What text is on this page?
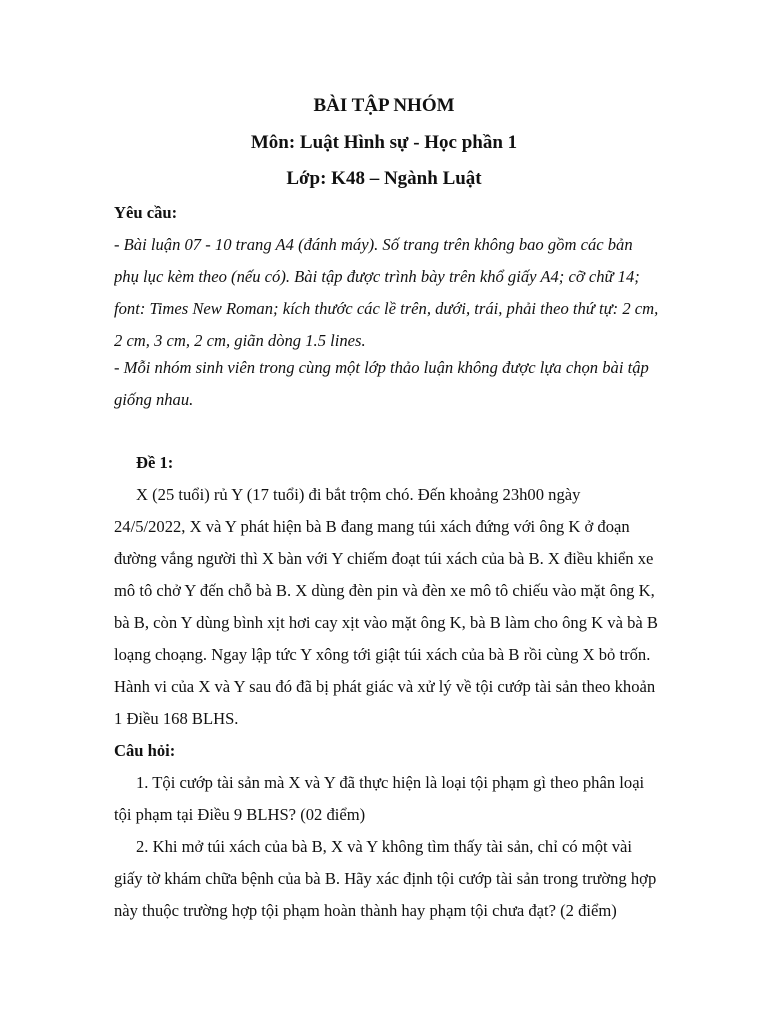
BÀI TẬP NHÓM
Môn: Luật Hình sự - Học phần 1
Lớp: K48 – Ngành Luật
Yêu cầu:
- Bài luận 07 - 10 trang A4 (đánh máy). Số trang trên không bao gồm các bản
phụ lục kèm theo (nếu có). Bài tập được trình bày trên khổ giấy A4; cỡ chữ 14;
font: Times New Roman; kích thước các lề trên, dưới, trái, phải theo thứ tự: 2 cm,
2 cm, 3 cm, 2 cm, giãn dòng 1.5 lines.
- Mỗi nhóm sinh viên trong cùng một lớp thảo luận không được lựa chọn bài tập
giống nhau.
Đề 1:
X (25 tuổi) rủ Y (17 tuổi) đi bắt trộm chó. Đến khoảng 23h00 ngày
24/5/2022, X và Y phát hiện bà B đang mang túi xách đứng với ông K ở đoạn
đường vắng người thì X bàn với Y chiếm đoạt túi xách của bà B. X điều khiển xe
mô tô chở Y đến chỗ bà B. X dùng đèn pin và đèn xe mô tô chiếu vào mặt ông K,
bà B, còn Y dùng bình xịt hơi cay xịt vào mặt ông K, bà B làm cho ông K và bà B
loạng choạng. Ngay lập tức Y xông tới giật túi xách của bà B rồi cùng X bỏ trốn.
Hành vi của X và Y sau đó đã bị phát giác và xử lý về tội cướp tài sản theo khoản
1 Điều 168 BLHS.
Câu hỏi:
1. Tội cướp tài sản mà X và Y đã thực hiện là loại tội phạm gì theo phân loại
tội phạm tại Điều 9 BLHS? (02 điểm)
2. Khi mở túi xách của bà B, X và Y không tìm thấy tài sản, chỉ có một vài
giấy tờ khám chữa bệnh của bà B. Hãy xác định tội cướp tài sản trong trường hợp
này thuộc trường hợp tội phạm hoàn thành hay phạm tội chưa đạt? (2 điểm)
